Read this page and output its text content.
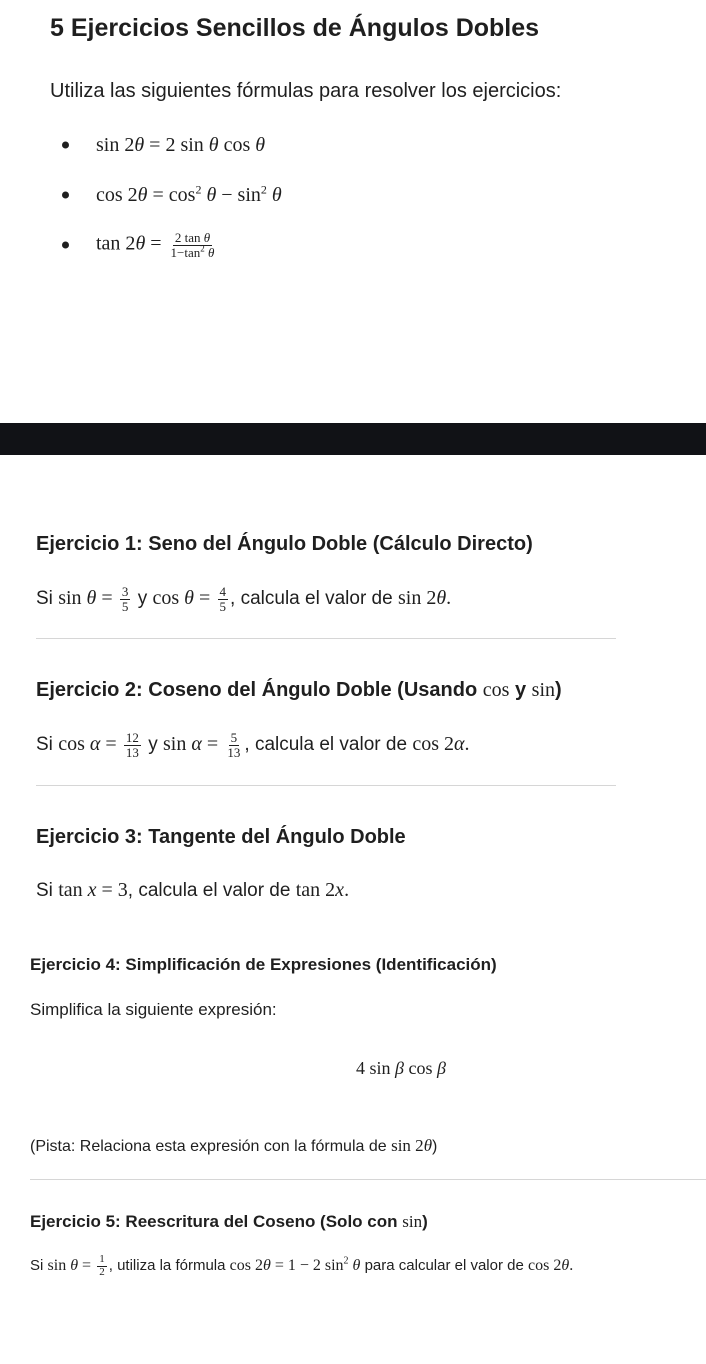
5 Ejercicios Sencillos de Ángulos Dobles

Utiliza las siguientes fórmulas para resolver los ejercicios:

sin 2θ = 2 sin θ cos θ
$\cos 2\theta = \cos^2 \theta - \sin^2 \theta$
$\tan 2\theta = \frac{\text{2 tan θ}}{1-\tan^2 \theta}$
Ejercicio 1: Seno del Ángulo Doble (Cálculo Directo)

Si $\sin \theta = \frac{3}{5}$ y $\cos \theta = \frac{4}{5}$ , calcula el valor de sin 2θ.

Ejercicio 2: Coseno del Ángulo Doble (Usando cos y sin)

Si $\cos \alpha = \frac{12}{13}$ y $\sin \alpha = \frac{5}{13}$ , calcula el valor de cos 2α.

Ejercicio 3: Tangente del Ángulo Doble

Si tan x = 3, calcula el valor de tan 2x.

Ejercicio 4: Simplificación de Expresiones (Identificación)

Simplifica la siguiente expresión:

4 sin β cos β

(Pista: Relaciona esta expresión con la fórmula de sin 2θ)

Ejercicio 5: Reescritura del Coseno (Solo con sin)

Si $\sin \theta = \frac{1}{2}$ , utiliza la fórmula cos 2θ = 1 − 2 $\sin^2 \theta$ para calcular el valor de cos 2θ.
